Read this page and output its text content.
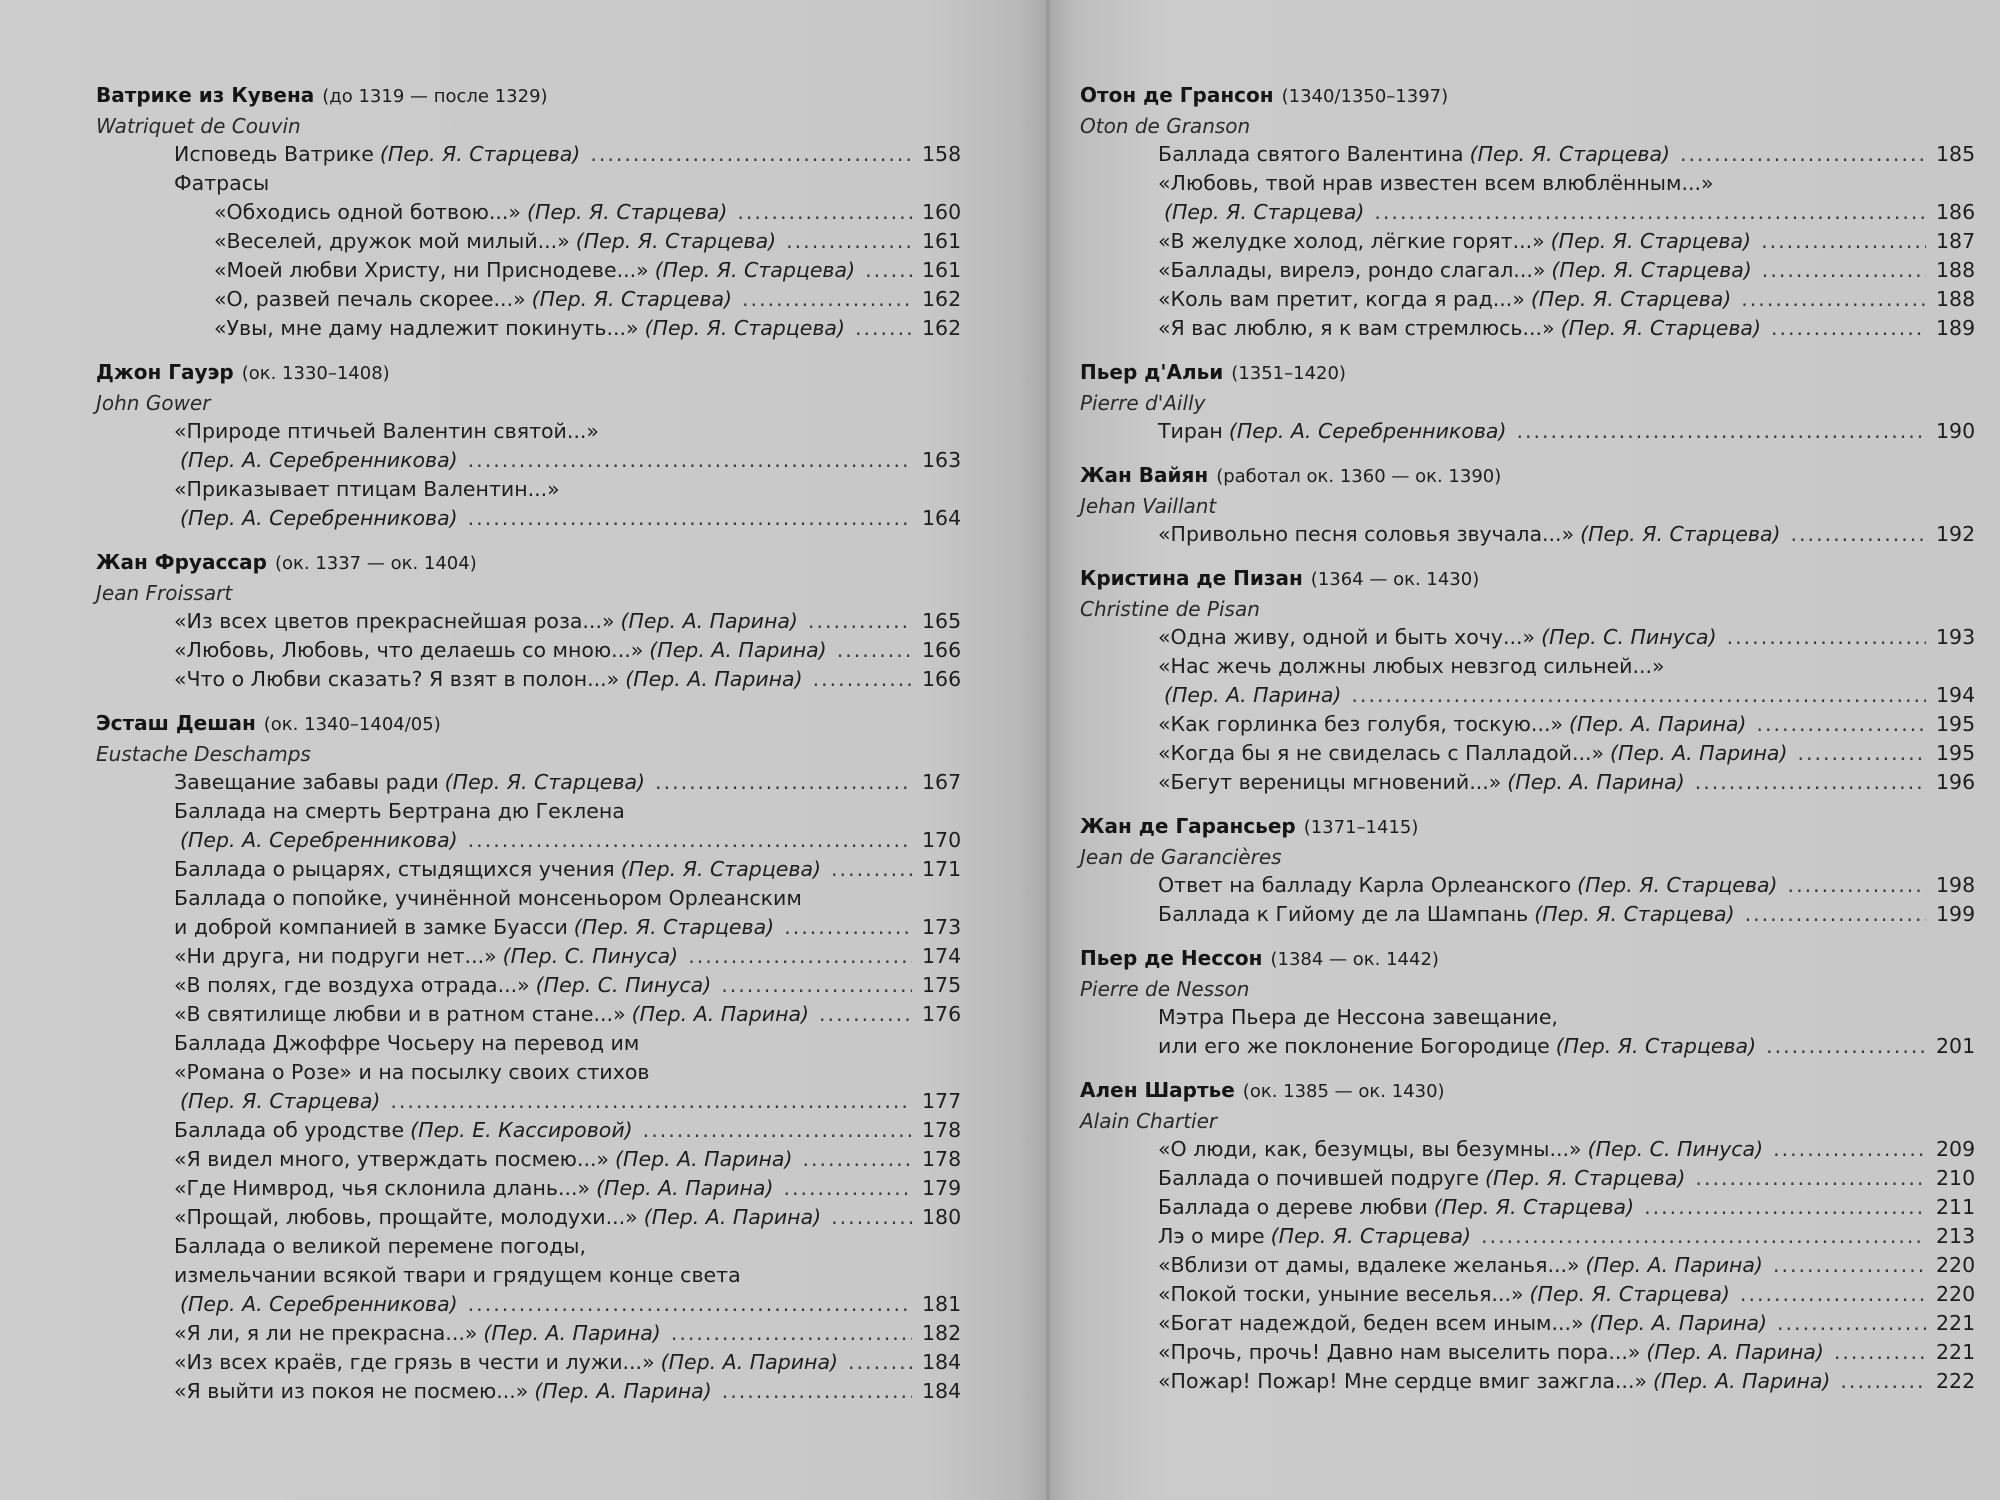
Ватрике из Кувена (до 1319 — после 1329)
Watriquet de Couvin
Исповедь Ватрике (Пер. Я. Старцева) .....	158
Фатрасы
«Обходись одной ботвою...» (Пер. Я. Старцева) .....	160
«Веселей, дружок мой милый...» (Пер. Я. Старцева) .....	161
«Моей любви Христу, ни Приснодеве...» (Пер. Я. Старцева) .....	161
«О, развей печаль скорее...» (Пер. Я. Старцева) .....	162
«Увы, мне даму надлежит покинуть...» (Пер. Я. Старцева) .....	162
Джон Гауэр (ок. 1330–1408)
John Gower
«Природе птичьей Валентин святой...»
(Пер. А. Серебренникова) .....	163
«Приказывает птицам Валентин...»
(Пер. А. Серебренникова) .....	164
Жан Фруассар (ок. 1337 — ок. 1404)
Jean Froissart
«Из всех цветов прекраснейшая роза...» (Пер. А. Парина) .....	165
«Любовь, Любовь, что делаешь со мною...» (Пер. А. Парина) .....	166
«Что о Любви сказать? Я взят в полон...» (Пер. А. Парина) .....	166
Эсташ Дешан (ок. 1340–1404/05)
Eustache Deschamps
Завещание забавы ради (Пер. Я. Старцева) .....	167
Баллада на смерть Бертрана дю Геклена
(Пер. А. Серебренникова) .....	170
Баллада о рыцарях, стыдящихся учения (Пер. Я. Старцева) .....	171
Баллада о попойке, учинённой монсеньором Орлеанским
и доброй компанией в замке Буасси (Пер. Я. Старцева) .....	173
«Ни друга, ни подруги нет...» (Пер. С. Пинуса) .....	174
«В полях, где воздуха отрада...» (Пер. С. Пинуса) .....	175
«В святилище любви и в ратном стане...» (Пер. А. Парина) .....	176
Баллада Джоффре Чосьеру на перевод им
«Романа о Розе» и на посылку своих стихов
(Пер. Я. Старцева) .....	177
Баллада об уродстве (Пер. Е. Кассировой) .....	178
«Я видел много, утверждать посмею...» (Пер. А. Парина) .....	178
«Где Нимврод, чья склонила длань...» (Пер. А. Парина) .....	179
«Прощай, любовь, прощайте, молодухи...» (Пер. А. Парина) .....	180
Баллада о великой перемене погоды,
измельчании всякой твари и грядущем конце света
(Пер. А. Серебренникова) .....	181
«Я ли, я ли не прекрасна...» (Пер. А. Парина) .....	182
«Из всех краёв, где грязь в чести и лужи...» (Пер. А. Парина) .....	184
«Я выйти из покоя не посмею...» (Пер. А. Парина) .....	184
Отон де Грансон (1340/1350–1397)
Oton de Granson
Баллада святого Валентина (Пер. Я. Старцева) .....	185
«Любовь, твой нрав известен всем влюблённым...»
(Пер. Я. Старцева) .....	186
«В желудке холод, лёгкие горят...» (Пер. Я. Старцева) .....	187
«Баллады, вирелэ, рондо слагал...» (Пер. Я. Старцева) .....	188
«Коль вам претит, когда я рад...» (Пер. Я. Старцева) .....	188
«Я вас люблю, я к вам стремлюсь...» (Пер. Я. Старцева) .....	189
Пьер д'Альи (1351–1420)
Pierre d'Ailly
Тиран (Пер. А. Серебренникова) .....	190
Жан Вайян (работал ок. 1360 — ок. 1390)
Jehan Vaillant
«Привольно песня соловья звучала...» (Пер. Я. Старцева) .....	192
Кристина де Пизан (1364 — ок. 1430)
Christine de Pisan
«Одна живу, одной и быть хочу...» (Пер. С. Пинуса) .....	193
«Нас жечь должны любых невзгод сильней...»
(Пер. А. Парина) .....	194
«Как горлинка без голубя, тоскую...» (Пер. А. Парина) .....	195
«Когда бы я не свиделась с Палладой...» (Пер. А. Парина) .....	195
«Бегут вереницы мгновений...» (Пер. А. Парина) .....	196
Жан де Гарансьер (1371–1415)
Jean de Garancières
Ответ на балладу Карла Орлеанского (Пер. Я. Старцева) .....	198
Баллада к Гийому де ла Шампань (Пер. Я. Старцева) .....	199
Пьер де Нессон (1384 — ок. 1442)
Pierre de Nesson
Мэтра Пьера де Нессона завещание,
или его же поклонение Богородице (Пер. Я. Старцева) .....	201
Ален Шартье (ок. 1385 — ок. 1430)
Alain Chartier
«О люди, как, безумцы, вы безумны...» (Пер. С. Пинуса) .....	209
Баллада о почившей подруге (Пер. Я. Старцева) .....	210
Баллада о дереве любви (Пер. Я. Старцева) .....	211
Лэ о мире (Пер. Я. Старцева) .....	213
«Вблизи от дамы, вдалеке желанья...» (Пер. А. Парина) .....	220
«Покой тоски, уныние веселья...» (Пер. Я. Старцева) .....	220
«Богат надеждой, беден всем иным...» (Пер. А. Парина) .....	221
«Прочь, прочь! Давно нам выселить пора...» (Пер. А. Парина) .....	221
«Пожар! Пожар! Мне сердце вмиг зажгла...» (Пер. А. Парина) .....	222
